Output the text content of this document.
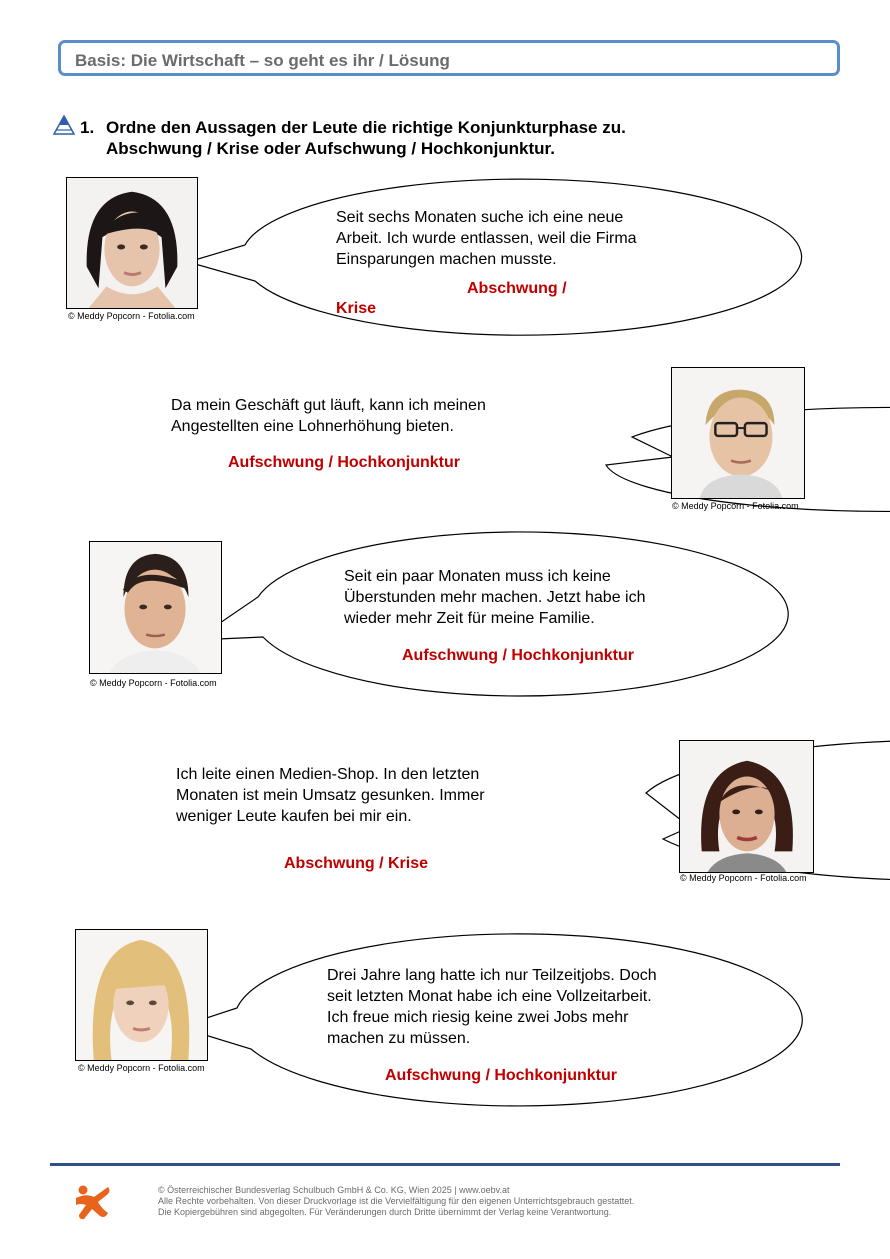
Basis: Die Wirtschaft – so geht es ihr / Lösung
1. Ordne den Aussagen der Leute die richtige Konjunkturphase zu.
Abschwung / Krise oder Aufschwung / Hochkonjunktur.
© Meddy Popcorn - Fotolia.com
Seit sechs Monaten suche ich eine neue
Arbeit. Ich wurde entlassen, weil die Firma
Einsparungen machen musste.
Abschwung /
Krise
Da mein Geschäft gut läuft, kann ich meinen
Angestellten eine Lohnerhöhung bieten.
Aufschwung / Hochkonjunktur
© Meddy Popcorn - Fotolia.com
© Meddy Popcorn - Fotolia.com
Seit ein paar Monaten muss ich keine
Überstunden mehr machen. Jetzt habe ich
wieder mehr Zeit für meine Familie.
Aufschwung / Hochkonjunktur
Ich leite einen Medien-Shop. In den letzten
Monaten ist mein Umsatz gesunken. Immer
weniger Leute kaufen bei mir ein.
Abschwung / Krise
© Meddy Popcorn - Fotolia.com
© Meddy Popcorn - Fotolia.com
Drei Jahre lang hatte ich nur Teilzeitjobs. Doch
seit letzten Monat habe ich eine Vollzeitarbeit.
Ich freue mich riesig keine zwei Jobs mehr
machen zu müssen.
Aufschwung / Hochkonjunktur
© Österreichischer Bundesverlag Schulbuch GmbH & Co. KG, Wien 2025 | www.oebv.at
Alle Rechte vorbehalten. Von dieser Druckvorlage ist die Vervielfältigung für den eigenen Unterrichtsgebrauch gestattet.
Die Kopiergebühren sind abgegolten. Für Veränderungen durch Dritte übernimmt der Verlag keine Verantwortung.
